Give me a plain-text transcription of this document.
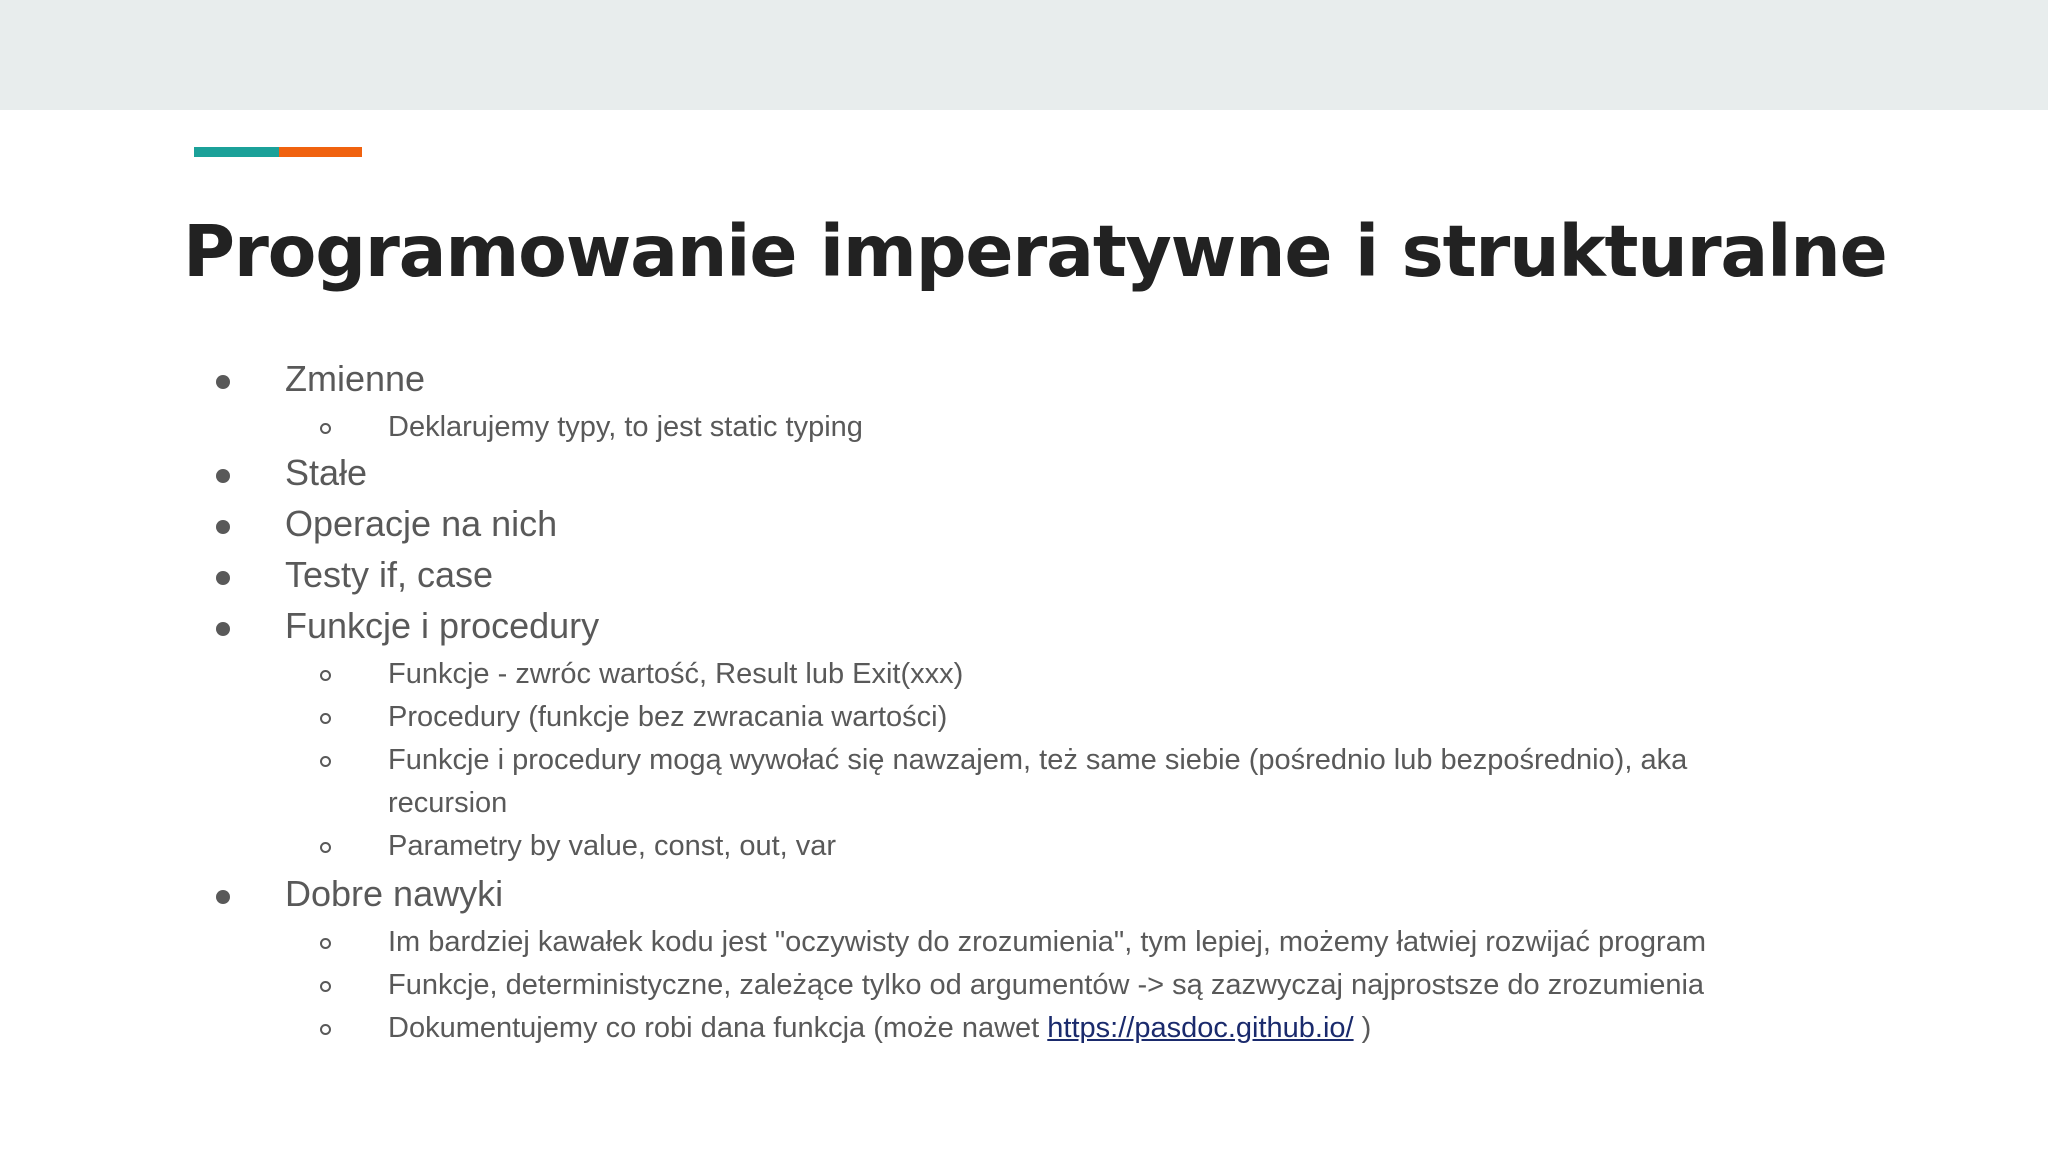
Programowanie imperatywne i strukturalne
Zmienne
Deklarujemy typy, to jest static typing
Stałe
Operacje na nich
Testy if, case
Funkcje i procedury
Funkcje - zwróc wartość, Result lub Exit(xxx)
Procedury (funkcje bez zwracania wartości)
Funkcje i procedury mogą wywołać się nawzajem, też same siebie (pośrednio lub bezpośrednio), aka
recursion
Parametry by value, const, out, var
Dobre nawyki
Im bardziej kawałek kodu jest "oczywisty do zrozumienia", tym lepiej, możemy łatwiej rozwijać program
Funkcje, deterministyczne, zależące tylko od argumentów -> są zazwyczaj najprostsze do zrozumienia
Dokumentujemy co robi dana funkcja (może nawet https://pasdoc.github.io/ )
